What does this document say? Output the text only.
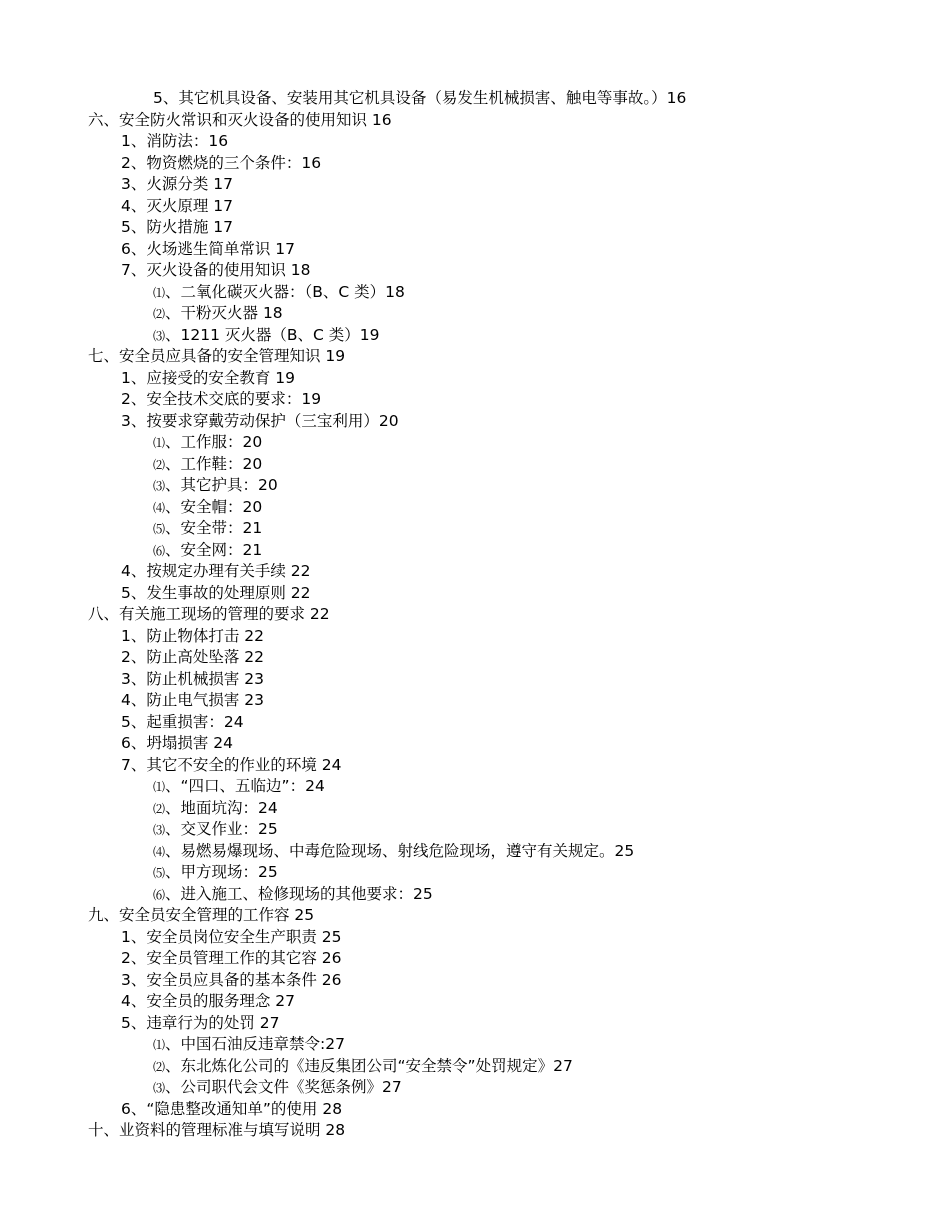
5、其它机具设备、安装用其它机具设备（易发生机械损害、触电等事故。）16
六、安全防火常识和灭火设备的使用知识 16
1、消防法：16
2、物资燃烧的三个条件：16
3、火源分类 17
4、灭火原理 17
5、防火措施 17
6、火场逃生简单常识 17
7、灭火设备的使用知识 18
⑴、二氧化碳灭火器：（B、C 类）18
⑵、干粉灭火器 18
⑶、1211 灭火器（B、C 类）19
七、安全员应具备的安全管理知识 19
1、应接受的安全教育 19
2、安全技术交底的要求：19
3、按要求穿戴劳动保护（三宝利用）20
⑴、工作服：20
⑵、工作鞋：20
⑶、其它护具：20
⑷、安全帽：20
⑸、安全带：21
⑹、安全网：21
4、按规定办理有关手续 22
5、发生事故的处理原则 22
八、有关施工现场的管理的要求 22
1、防止物体打击 22
2、防止高处坠落 22
3、防止机械损害 23
4、防止电气损害 23
5、起重损害：24
6、坍塌损害 24
7、其它不安全的作业的环境 24
⑴、“四口、五临边”：24
⑵、地面坑沟：24
⑶、交叉作业：25
⑷、易燃易爆现场、中毒危险现场、射线危险现场，遵守有关规定。25
⑸、甲方现场：25
⑹、进入施工、检修现场的其他要求：25
九、安全员安全管理的工作容 25
1、安全员岗位安全生产职责 25
2、安全员管理工作的其它容 26
3、安全员应具备的基本条件 26
4、安全员的服务理念 27
5、违章行为的处罚 27
⑴、中国石油反违章禁令:27
⑵、东北炼化公司的《违反集团公司“安全禁令”处罚规定》27
⑶、公司职代会文件《奖惩条例》27
6、“隐患整改通知单”的使用 28
十、业资料的管理标准与填写说明 28
